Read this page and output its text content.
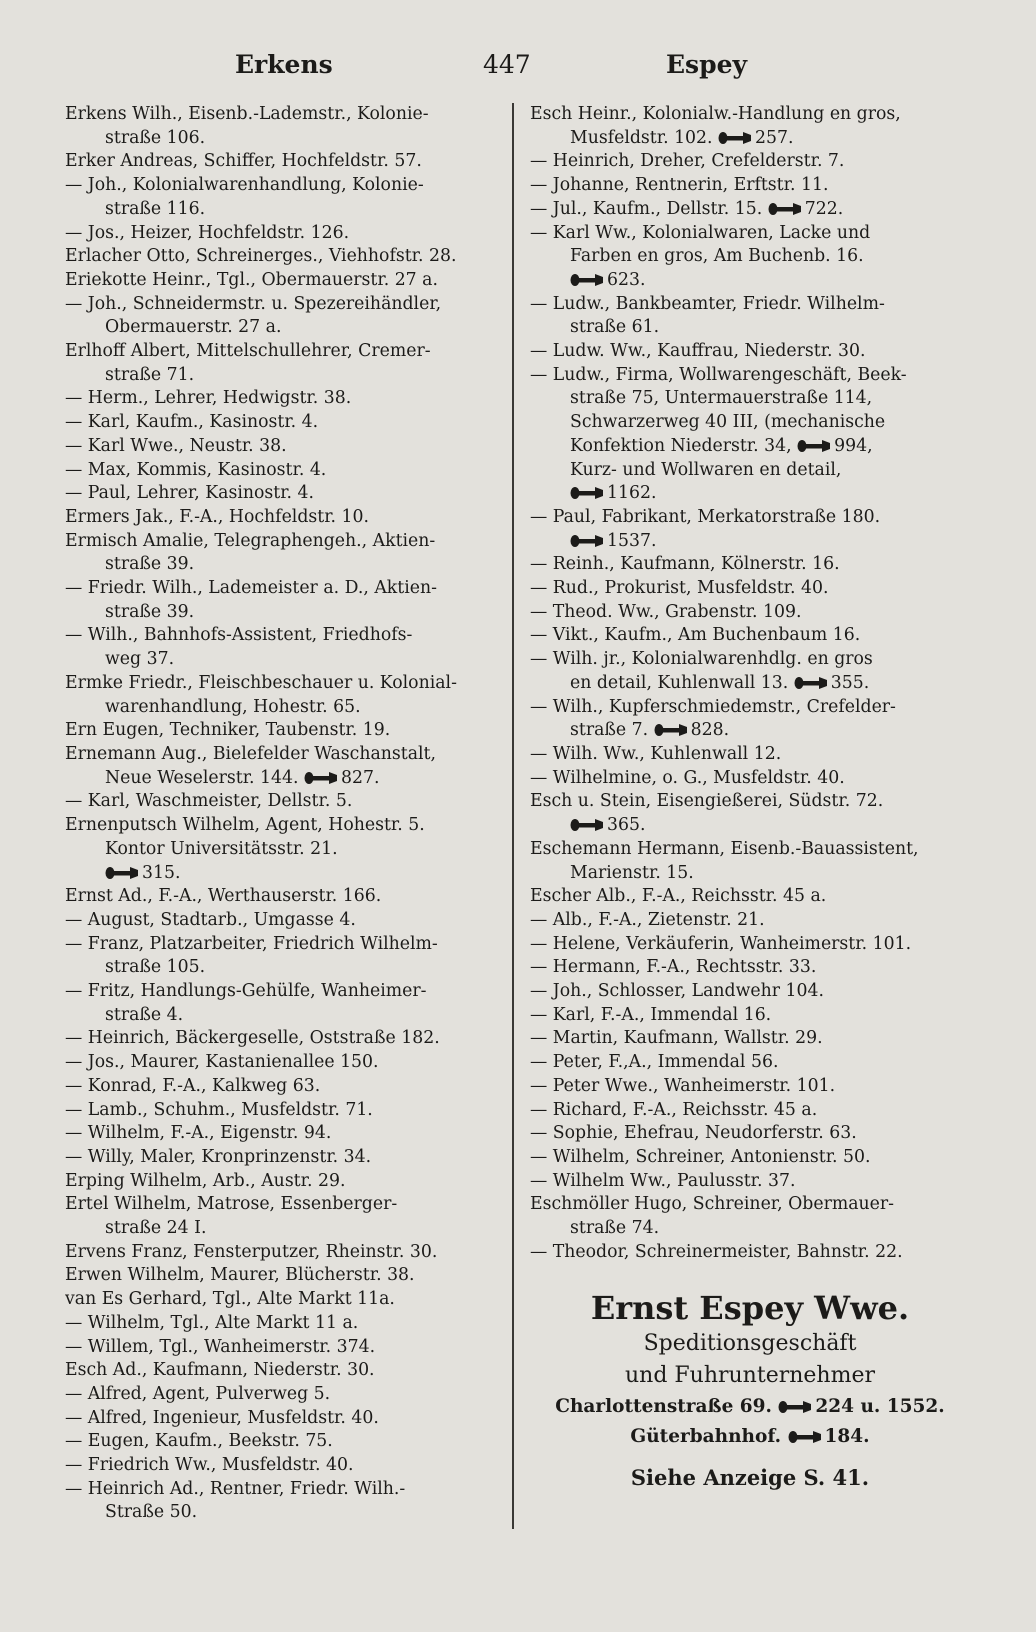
Erkens	447	Espey
Erkens Wilh., Eisenb.-Lademstr., Kolonie-
straße 106.
Erker Andreas, Schiffer, Hochfeldstr. 57.
— Joh., Kolonialwarenhandlung, Kolonie-
straße 116.
— Jos., Heizer, Hochfeldstr. 126.
Erlacher Otto, Schreinerges., Viehhofstr. 28.
Eriekotte Heinr., Tgl., Obermauerstr. 27 a.
— Joh., Schneidermstr. u. Spezereihändler,
Obermauerstr. 27 a.
Erlhoff Albert, Mittelschullehrer, Cremer-
straße 71.
— Herm., Lehrer, Hedwigstr. 38.
— Karl, Kaufm., Kasinostr. 4.
— Karl Wwe., Neustr. 38.
— Max, Kommis, Kasinostr. 4.
— Paul, Lehrer, Kasinostr. 4.
Ermers Jak., F.-A., Hochfeldstr. 10.
Ermisch Amalie, Telegraphengeh., Aktien-
straße 39.
— Friedr. Wilh., Lademeister a. D., Aktien-
straße 39.
— Wilh., Bahnhofs-Assistent, Friedhofs-
weg 37.
Ermke Friedr., Fleischbeschauer u. Kolonial-
warenhandlung, Hohestr. 65.
Ern Eugen, Techniker, Taubenstr. 19.
Ernemann Aug., Bielefelder Waschanstalt,
Neue Weselerstr. 144. 827.
— Karl, Waschmeister, Dellstr. 5.
Ernenputsch Wilhelm, Agent, Hohestr. 5.
Kontor Universitätsstr. 21.
315.
Ernst Ad., F.-A., Werthauserstr. 166.
— August, Stadtarb., Umgasse 4.
— Franz, Platzarbeiter, Friedrich Wilhelm-
straße 105.
— Fritz, Handlungs-Gehülfe, Wanheimer-
straße 4.
— Heinrich, Bäckergeselle, Oststraße 182.
— Jos., Maurer, Kastanienallee 150.
— Konrad, F.-A., Kalkweg 63.
— Lamb., Schuhm., Musfeldstr. 71.
— Wilhelm, F.-A., Eigenstr. 94.
— Willy, Maler, Kronprinzenstr. 34.
Erping Wilhelm, Arb., Austr. 29.
Ertel Wilhelm, Matrose, Essenberger-
straße 24 I.
Ervens Franz, Fensterputzer, Rheinstr. 30.
Erwen Wilhelm, Maurer, Blücherstr. 38.
van Es Gerhard, Tgl., Alte Markt 11a.
— Wilhelm, Tgl., Alte Markt 11 a.
— Willem, Tgl., Wanheimerstr. 374.
Esch Ad., Kaufmann, Niederstr. 30.
— Alfred, Agent, Pulverweg 5.
— Alfred, Ingenieur, Musfeldstr. 40.
— Eugen, Kaufm., Beekstr. 75.
— Friedrich Ww., Musfeldstr. 40.
— Heinrich Ad., Rentner, Friedr. Wilh.-
Straße 50.
Esch Heinr., Kolonialw.-Handlung en gros,
Musfeldstr. 102. 257.
— Heinrich, Dreher, Crefelderstr. 7.
— Johanne, Rentnerin, Erftstr. 11.
— Jul., Kaufm., Dellstr. 15. 722.
— Karl Ww., Kolonialwaren, Lacke und
Farben en gros, Am Buchenb. 16.
623.
— Ludw., Bankbeamter, Friedr. Wilhelm-
straße 61.
— Ludw. Ww., Kauffrau, Niederstr. 30.
— Ludw., Firma, Wollwarengeschäft, Beek-
straße 75, Untermauerstraße 114,
Schwarzerweg 40 III, (mechanische
Konfektion Niederstr. 34, 994,
Kurz- und Wollwaren en detail,
1162.
— Paul, Fabrikant, Merkatorstraße 180.
1537.
— Reinh., Kaufmann, Kölnerstr. 16.
— Rud., Prokurist, Musfeldstr. 40.
— Theod. Ww., Grabenstr. 109.
— Vikt., Kaufm., Am Buchenbaum 16.
— Wilh. jr., Kolonialwarenhdlg. en gros
en detail, Kuhlenwall 13. 355.
— Wilh., Kupferschmiedemstr., Crefelder-
straße 7. 828.
— Wilh. Ww., Kuhlenwall 12.
— Wilhelmine, o. G., Musfeldstr. 40.
Esch u. Stein, Eisengießerei, Südstr. 72.
365.
Eschemann Hermann, Eisenb.-Bauassistent,
Marienstr. 15.
Escher Alb., F.-A., Reichsstr. 45 a.
— Alb., F.-A., Zietenstr. 21.
— Helene, Verkäuferin, Wanheimerstr. 101.
— Hermann, F.-A., Rechtsstr. 33.
— Joh., Schlosser, Landwehr 104.
— Karl, F.-A., Immendal 16.
— Martin, Kaufmann, Wallstr. 29.
— Peter, F.,A., Immendal 56.
— Peter Wwe., Wanheimerstr. 101.
— Richard, F.-A., Reichsstr. 45 a.
— Sophie, Ehefrau, Neudorferstr. 63.
— Wilhelm, Schreiner, Antonienstr. 50.
— Wilhelm Ww., Paulusstr. 37.
Eschmöller Hugo, Schreiner, Obermauer-
straße 74.
— Theodor, Schreinermeister, Bahnstr. 22.
Ernst Espey Wwe.
Speditionsgeschäft
und Fuhrunternehmer
Charlottenstraße 69. 224 u. 1552.
Güterbahnhof. 184.
Siehe Anzeige S. 41.
